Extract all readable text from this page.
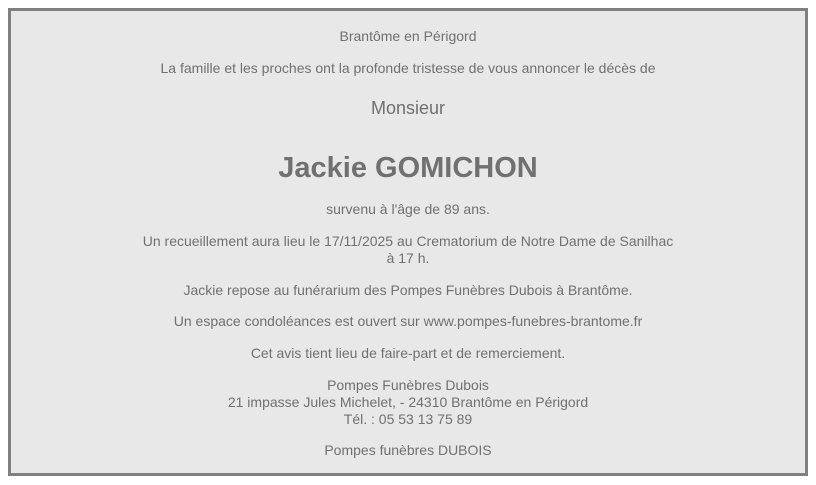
Brantôme en Périgord
La famille et les proches ont la profonde tristesse de vous annoncer le décès de
Monsieur
Jackie GOMICHON
survenu à l'âge de 89 ans.
Un recueillement aura lieu le 17/11/2025 au Crematorium de Notre Dame de Sanilhac
à 17 h.
Jackie repose au funérarium des Pompes Funèbres Dubois à Brantôme.
Un espace condoléances est ouvert sur www.pompes-funebres-brantome.fr
Cet avis tient lieu de faire-part et de remerciement.
Pompes Funèbres Dubois
21 impasse Jules Michelet, - 24310 Brantôme en Périgord
Tél. : 05 53 13 75 89
Pompes funèbres DUBOIS
